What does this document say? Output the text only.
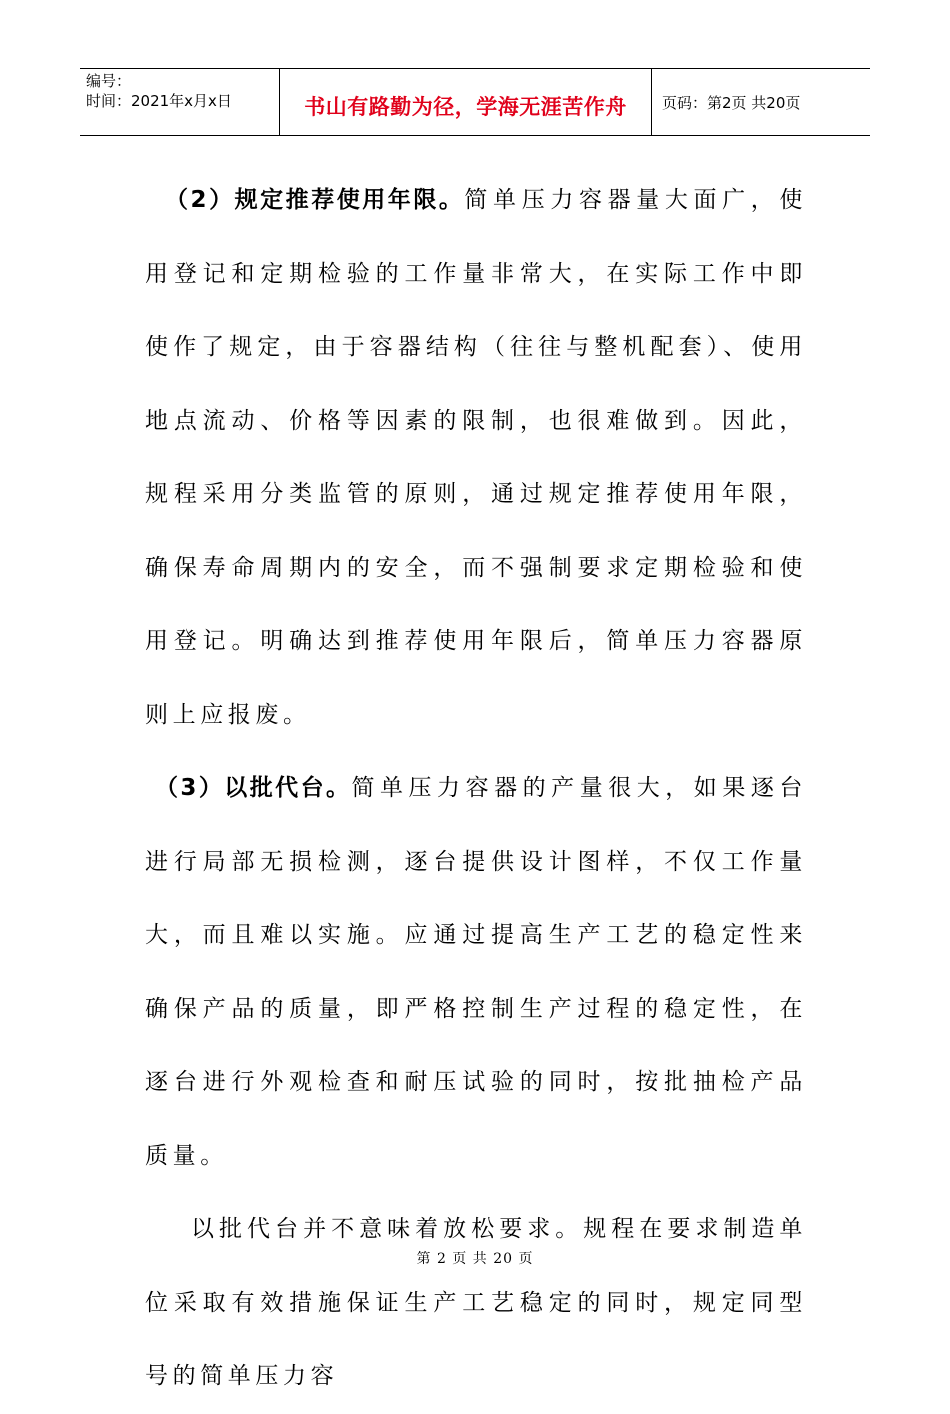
编号：
时间：2021年x月x日	书山有路勤为径，学海无涯苦作舟 页码：第2页 共20页

（2）规定推荐使用年限。简单压力容器量大面广，使用登记和定期检验的工作量非常大，在实际工作中即使作了规定，由于容器结构（往往与整机配套）、使用地点流动、价格等因素的限制，也很难做到。因此，规程采用分类监管的原则，通过规定推荐使用年限，确保寿命周期内的安全，而不强制要求定期检验和使用登记。明确达到推荐使用年限后，简单压力容器原则上应报废。

（3）以批代台。简单压力容器的产量很大，如果逐台进行局部无损检测，逐台提供设计图样，不仅工作量大，而且难以实施。应通过提高生产工艺的稳定性来确保产品的质量，即严格控制生产过程的稳定性，在逐台进行外观检查和耐压试验的同时，按批抽检产品质量。

以批代台并不意味着放松要求。规程在要求制造单位采取有效措施保证生产工艺稳定的同时，规定同型号的简单压力容

第 2 页 共 20 页
